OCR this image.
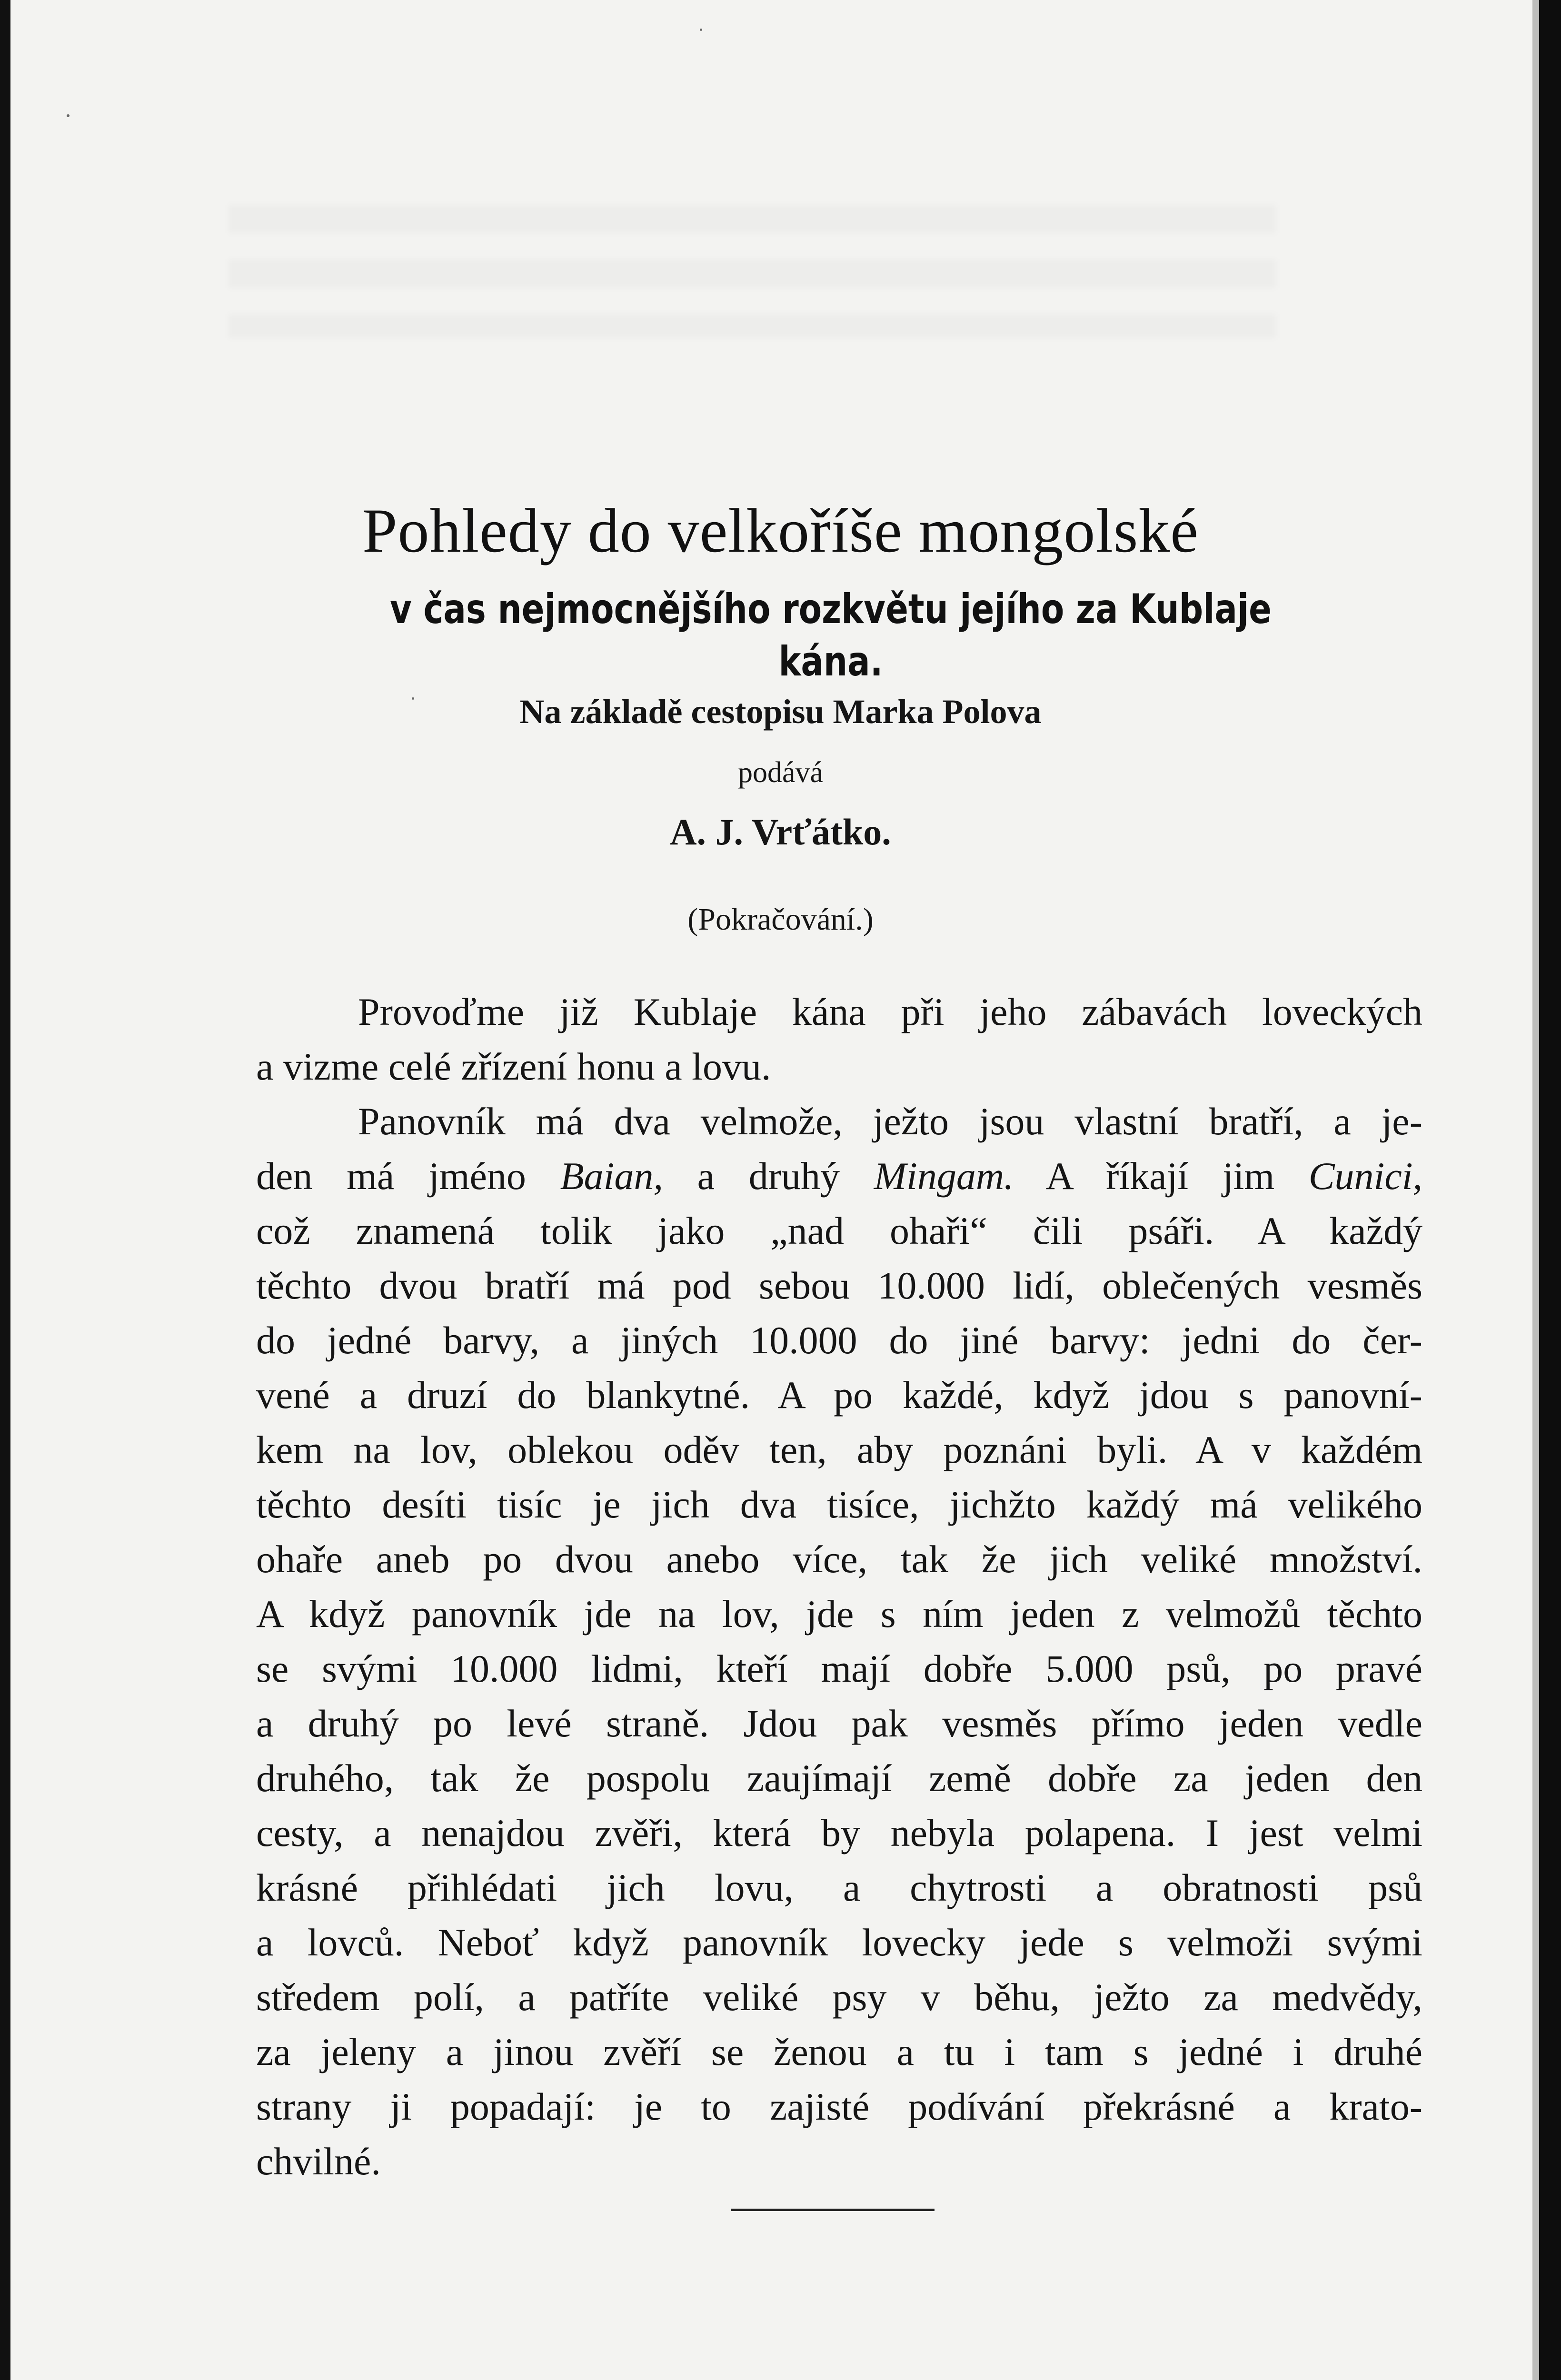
Pohledy do velkoříše mongolské
v čas nejmocnějšího rozkvětu jejího za Kublaje kána.
Na základě cestopisu Marka Polova
podává
A. J. Vrťátko.
(Pokračování.)
Provoďme již Kublaje kána při jeho zábavách loveckých
a vizme celé zřízení honu a lovu.
Panovník má dva velmože, ježto jsou vlastní bratří, a je-
den má jméno Baian, a druhý Mingam. A říkají jim Cunici,
což znamená tolik jako „nad ohaři“ čili psáři. A každý
těchto dvou bratří má pod sebou 10.000 lidí, oblečených vesměs
do jedné barvy, a jiných 10.000 do jiné barvy: jedni do čer-
vené a druzí do blankytné. A po každé, když jdou s panovní-
kem na lov, oblekou oděv ten, aby poznáni byli. A v každém
těchto desíti tisíc je jich dva tisíce, jichžto každý má velikého
ohaře aneb po dvou anebo více, tak že jich veliké množství.
A když panovník jde na lov, jde s ním jeden z velmožů těchto
se svými 10.000 lidmi, kteří mají dobře 5.000 psů, po pravé
a druhý po levé straně. Jdou pak vesměs přímo jeden vedle
druhého, tak že pospolu zaujímají země dobře za jeden den
cesty, a nenajdou zvěři, která by nebyla polapena. I jest velmi
krásné přihlédati jich lovu, a chytrosti a obratnosti psů
a lovců. Neboť když panovník lovecky jede s velmoži svými
středem polí, a patříte veliké psy v běhu, ježto za medvědy,
za jeleny a jinou zvěří se ženou a tu i tam s jedné i druhé
strany ji popadají: je to zajisté podívání překrásné a krato-
chvilné.
